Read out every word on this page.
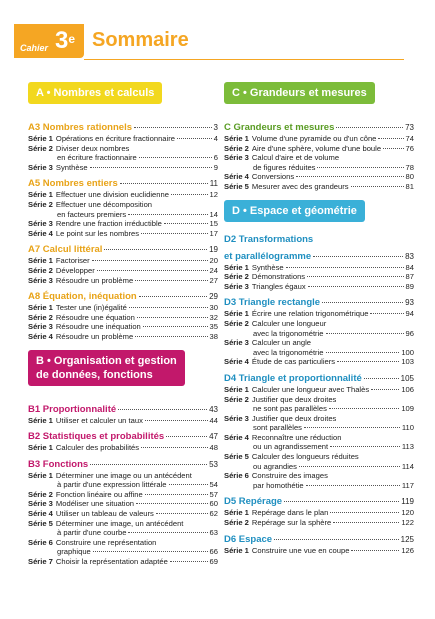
Cahier 3e Sommaire
A • Nombres et calculs
A3 Nombres rationnels	3
Série 1 Opérations en écriture fractionnaire	4
Série 2 Diviser deux nombres
en écriture fractionnaire	6
Série 3 Synthèse	9
A5 Nombres entiers	11
Série 1 Effectuer une division euclidienne	12
Série 2 Effectuer une décomposition
en facteurs premiers	14
Série 3 Rendre une fraction irréductible	15
Série 4 Le point sur les nombres	17
A7 Calcul littéral	19
Série 1 Factoriser	20
Série 2 Développer	24
Série 3 Résoudre un problème	27
A8 Équation, inéquation	29
Série 1 Tester une (in)égalité	30
Série 2 Résoudre une équation	32
Série 3 Résoudre une inéquation	35
Série 4 Résoudre un problème	38
B • Organisation et gestion
de données, fonctions
B1 Proportionnalité	43
Série 1 Utiliser et calculer un taux	44
B2 Statistiques et probabilités	47
Série 1 Calculer des probabilités	48
B3 Fonctions	53
Série 1 Déterminer une image ou un antécédent
à partir d'une expression littérale	54
Série 2 Fonction linéaire ou affine	57
Série 3 Modéliser une situation	60
Série 4 Utiliser un tableau de valeurs	62
Série 5 Déterminer une image, un antécédent
à partir d'une courbe	63
Série 6 Construire une représentation
graphique	66
Série 7 Choisir la représentation adaptée	69
C • Grandeurs et mesures
C Grandeurs et mesures	73
Série 1 Volume d'une pyramide ou d'un cône	74
Série 2 Aire d'une sphère, volume d'une boule	76
Série 3 Calcul d'aire et de volume
de figures réduites	78
Série 4 Conversions	80
Série 5 Mesurer avec des grandeurs	81
D • Espace et géométrie
D2 Transformations
et parallélogramme	83
Série 1 Synthèse	84
Série 2 Démonstrations	87
Série 3 Triangles égaux	89
D3 Triangle rectangle	93
Série 1 Écrire une relation trigonométrique	94
Série 2 Calculer une longueur
avec la trigonométrie	96
Série 3 Calculer un angle
avec la trigonométrie	100
Série 4 Étude de cas particuliers	103
D4 Triangle et proportionnalité	105
Série 1 Calculer une longueur avec Thalès	106
Série 2 Justifier que deux droites
ne sont pas parallèles	109
Série 3 Justifier que deux droites
sont parallèles	110
Série 4 Reconnaître une réduction
ou un agrandissement	113
Série 5 Calculer des longueurs réduites
ou agrandies	114
Série 6 Construire des images
par homothétie	117
D5 Repérage	119
Série 1 Repérage dans le plan	120
Série 2 Repérage sur la sphère	122
D6 Espace	125
Série 1 Construire une vue en coupe	126
